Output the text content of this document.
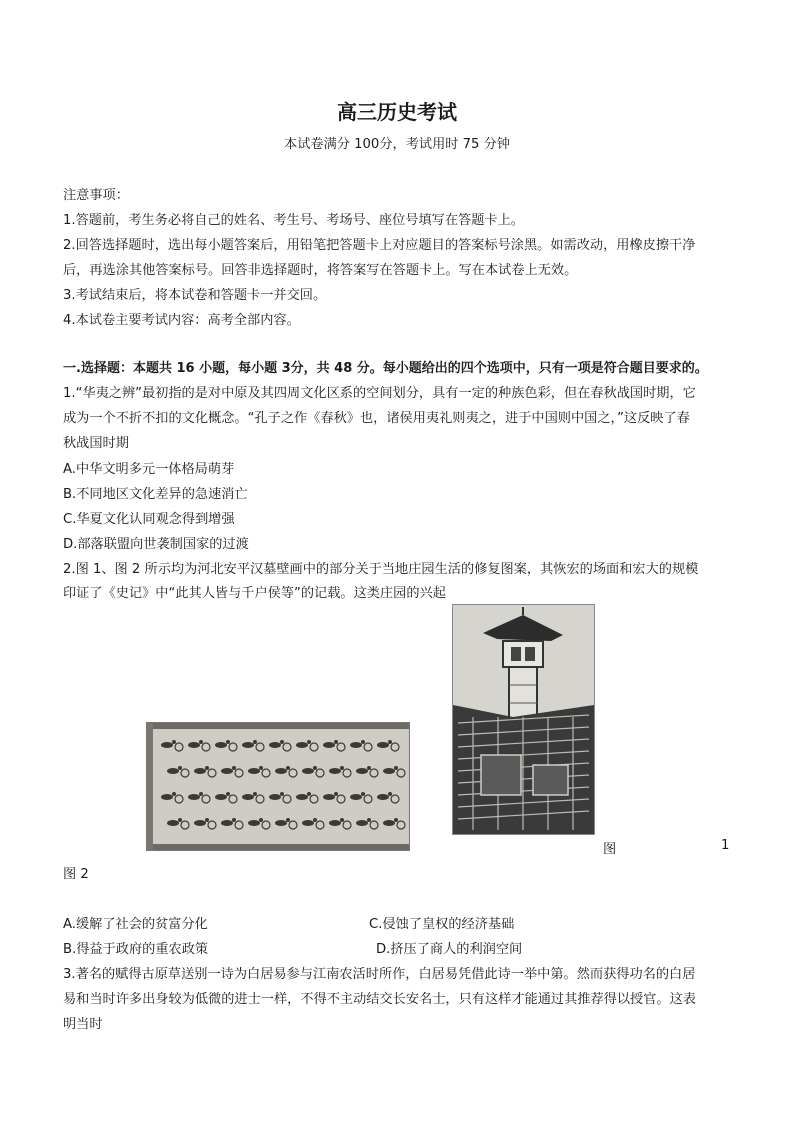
高三历史考试
本试卷满分 100分，考试用时 75 分钟
注意事项：
1.答题前，考生务必将自己的姓名、考生号、考场号、座位号填写在答题卡上。
2.回答选择题时，选出每小题答案后，用铅笔把答题卡上对应题目的答案标号涂黑。如需改动，用橡皮擦干净
后，再选涂其他答案标号。回答非选择题时，将答案写在答题卡上。写在本试卷上无效。
3.考试结束后，将本试卷和答题卡一并交回。
4.本试卷主要考试内容：高考全部内容。
一.选择题：本题共 16 小题，每小题 3分，共 48 分。每小题给出的四个选项中，只有一项是符合题目要求的。
1.“华夷之辨”最初指的是对中原及其四周文化区系的空间划分，具有一定的种族色彩，但在春秋战国时期，它
成为一个不折不扣的文化概念。“孔子之作《春秋》也，诸侯用夷礼则夷之，进于中国则中国之，”这反映了春
秋战国时期
A.中华文明多元一体格局萌芽
B.不同地区文化差异的急速消亡
C.华夏文化认同观念得到增强
D.部落联盟向世袭制国家的过渡
2.图 1、图 2 所示均为河北安平汉墓壁画中的部分关于当地庄园生活的修复图案，其恢宏的场面和宏大的规模
印证了《史记》中“此其人皆与千户侯等”的记载。这类庄园的兴起
图	1
图 2
A.缓解了社会的贫富分化	C.侵蚀了皇权的经济基础
B.得益于政府的重农政策	D.挤压了商人的利润空间
3.著名的赋得古原草送别一诗为白居易参与江南农活时所作，白居易凭借此诗一举中第。然而获得功名的白居
易和当时许多出身较为低微的进士一样，不得不主动结交长安名士，只有这样才能通过其推荐得以授官。这表
明当时
